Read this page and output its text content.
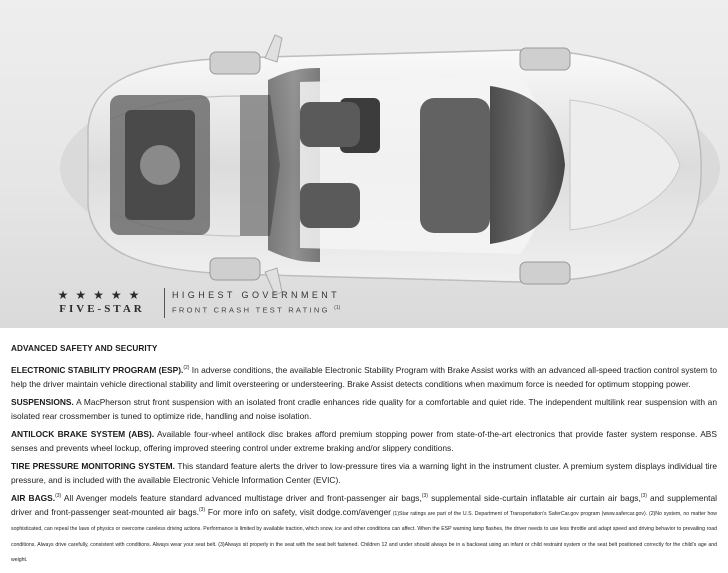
★★★★★
FIVE-STAR
HIGHEST GOVERNMENT
FRONT CRASH TEST RATING $^{(1)}$
ADVANCED SAFETY AND SECURITY

ELECTRONIC STABILITY PROGRAM (ESP).$^{(2)}$ In adverse conditions, the available Electronic Stability Program with Brake Assist works with an advanced all-speed traction control system to help the driver maintain vehicle directional stability and limit oversteering or understeering. Brake Assist detects conditions when maximum force is needed for optimum stopping power.

SUSPENSIONS. A MacPherson strut front suspension with an isolated front cradle enhances ride quality for a comfortable and quiet ride. The independent multilink rear suspension with an isolated rear crossmember is tuned to optimize ride, handling and noise isolation.

ANTILOCK BRAKE SYSTEM (ABS). Available four-wheel antilock disc brakes afford premium stopping power from state-of-the-art electronics that provide faster system response. ABS senses and prevents wheel lockup, offering improved steering control under extreme braking and/or slippery conditions.

TIRE PRESSURE MONITORING SYSTEM. This standard feature alerts the driver to low-pressure tires via a warning light in the instrument cluster. A premium system displays individual tire pressure, and is included with the available Electronic Vehicle Information Center (EVIC).

AIR BAGS.$^{(3)}$ All Avenger models feature standard advanced multistage driver and front-passenger air bags,$^{(3)}$ supplemental side-curtain inflatable air curtain air bags,$^{(3)}$ and supplemental driver and front-passenger seat-mounted air bags.$^{(3)}$ For more info on safety, visit dodge.com/avenger (1)Star ratings are part of the U.S. Department of Transportation’s SaferCar.gov program (www.safercar.gov). (2)No system, no matter how sophisticated, can repeal the laws of physics or overcome careless driving actions. Performance is limited by available traction, which snow, ice and other conditions can affect. When the ESP warning lamp flashes, the driver needs to use less throttle and adapt speed and driving behavior to prevailing road conditions. Always drive carefully, consistent with conditions. Always wear your seat belt. (3)Always sit properly in the seat with the seat belt fastened. Children 12 and under should always be in a backseat using an infant or child restraint system or the seat belt positioned correctly for the child’s age and weight.
